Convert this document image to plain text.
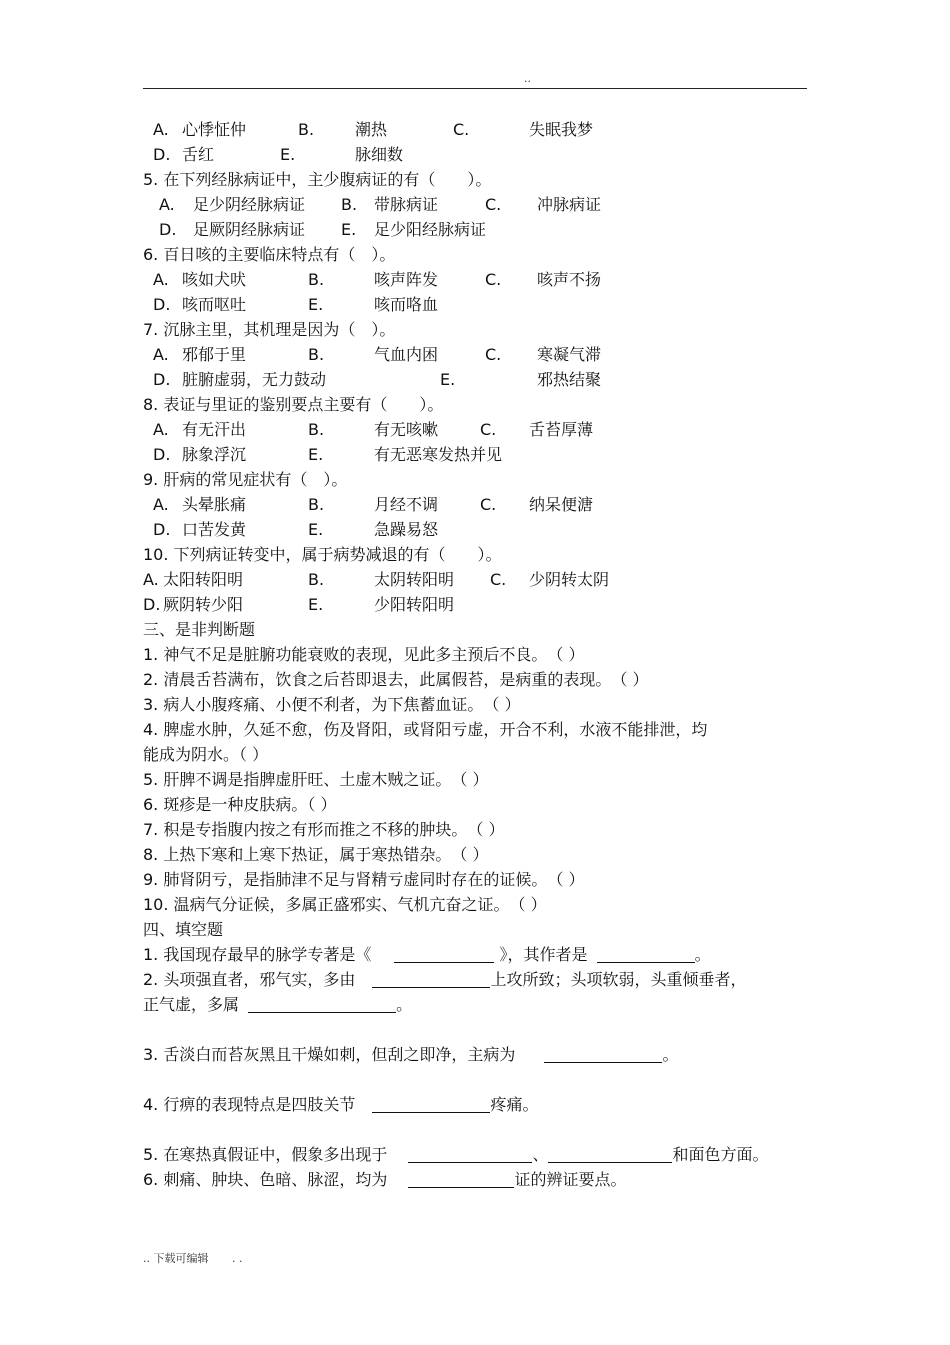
..
A. 心悸怔仲	B.	潮热	C.	失眠我梦
D. 舌红	E.	脉细数
5. 在下列经脉病证中，主少腹病证的有（　　）。
A. 足少阴经脉病证 B. 带脉病证	C. 冲脉病证
D. 足厥阴经脉病证 E. 足少阳经脉病证
6. 百日咳的主要临床特点有（　）。
A. 咳如犬吠	B.	咳声阵发	C. 咳声不扬
D. 咳而呕吐	E.	咳而咯血
7. 沉脉主里，其机理是因为（　）。
A. 邪郁于里	B.	气血内困	C. 寒凝气滞
D. 脏腑虚弱，无力鼓动	E.	邪热结聚
8. 表证与里证的鉴别要点主要有（　　）。
A. 有无汗出	B.	有无咳嗽	C. 舌苔厚薄
D. 脉象浮沉	E.	有无恶寒发热并见
9. 肝病的常见症状有（　）。
A. 头晕胀痛	B.	月经不调	C. 纳呆便溏
D. 口苦发黄	E.	急躁易怒
10. 下列病证转变中，属于病势减退的有（　　）。
A. 太阳转阳明	B.	太阴转阳明 C. 少阴转太阴
D. 厥阴转少阳	E.	少阳转阳明
三、是非判断题
1. 神气不足是脏腑功能衰败的表现，见此多主预后不良。　（ ）
2. 清晨舌苔满布，饮食之后苔即退去，此属假苔，是病重的表现。　（ ）
3. 病人小腹疼痛、小便不利者，为下焦蓄血证。　（ ）
4. 脾虚水肿，久延不愈，伤及肾阳，或肾阳亏虚，开合不利，水液不能排泄，均
能成为阴水。（ ）
5. 肝脾不调是指脾虚肝旺、土虚木贼之证。　（ ）
6. 斑疹是一种皮肤病。（ ）
7. 积是专指腹内按之有形而推之不移的肿块。　（ ）
8. 上热下寒和上寒下热证，属于寒热错杂。　（ ）
9. 肺肾阴亏，是指肺津不足与肾精亏虚同时存在的证候。　（ ）
10. 温病气分证候，多属正盛邪实、气机亢奋之证。　（ ）
四、填空题
1. 我国现存最早的脉学专著是《	》，其作者是	。
2. 头项强直者，邪气实，多由	上攻所致；头项软弱，头重倾垂者，
正气虚，多属	。
3. 舌淡白而苔灰黑且干燥如刺，但刮之即净，主病为	。
4. 行痹的表现特点是四肢关节	疼痛。
5. 在寒热真假证中，假象多出现于	、	和面色方面。
6. 刺痛、肿块、色暗、脉涩，均为	证的辨证要点。
.. 下载可编辑 . .
